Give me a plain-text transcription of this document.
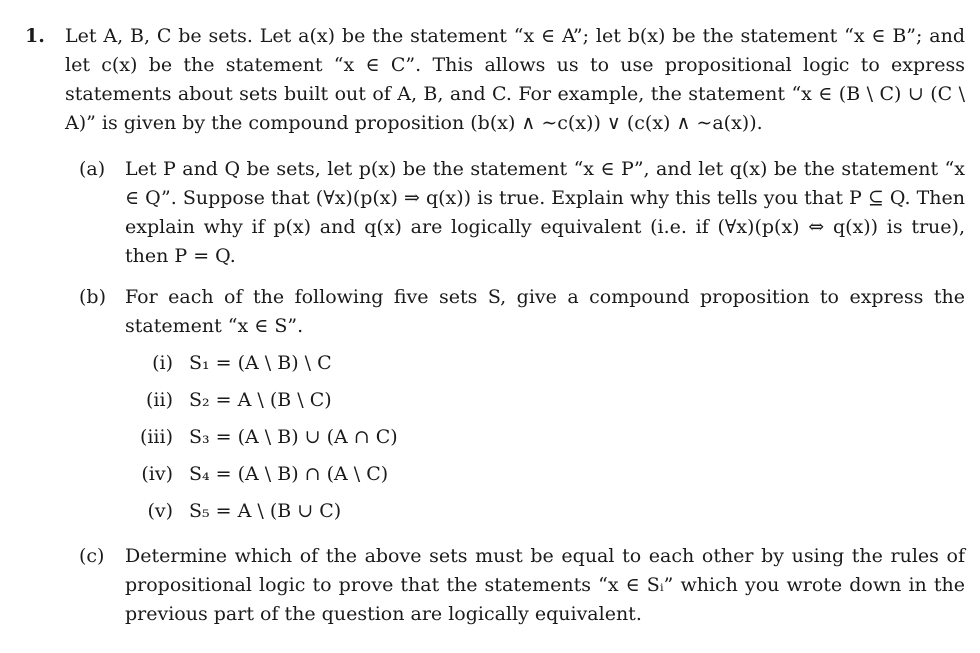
1. Let A, B, C be sets. Let a(x) be the statement “x ∈ A”; let b(x) be the statement “x ∈ B”; and let c(x) be the statement “x ∈ C”. This allows us to use propositional logic to express statements about sets built out of A, B, and C. For example, the statement “x ∈ (B \ C) ∪ (C \ A)” is given by the compound proposition (b(x) ∧ ∼c(x)) ∨ (c(x) ∧ ∼a(x)).
(a) Let P and Q be sets, let p(x) be the statement “x ∈ P”, and let q(x) be the statement “x ∈ Q”. Suppose that (∀x)(p(x) ⇒ q(x)) is true. Explain why this tells you that P ⊆ Q. Then explain why if p(x) and q(x) are logically equivalent (i.e. if (∀x)(p(x) ⇔ q(x)) is true), then P = Q.
(b) For each of the following five sets S, give a compound proposition to express the statement “x ∈ S”.
(i) S₁ = (A \ B) \ C
(ii) S₂ = A \ (B \ C)
(iii) S₃ = (A \ B) ∪ (A ∩ C)
(iv) S₄ = (A \ B) ∩ (A \ C)
(v) S₅ = A \ (B ∪ C)
(c) Determine which of the above sets must be equal to each other by using the rules of propositional logic to prove that the statements “x ∈ Sᵢ” which you wrote down in the previous part of the question are logically equivalent.
